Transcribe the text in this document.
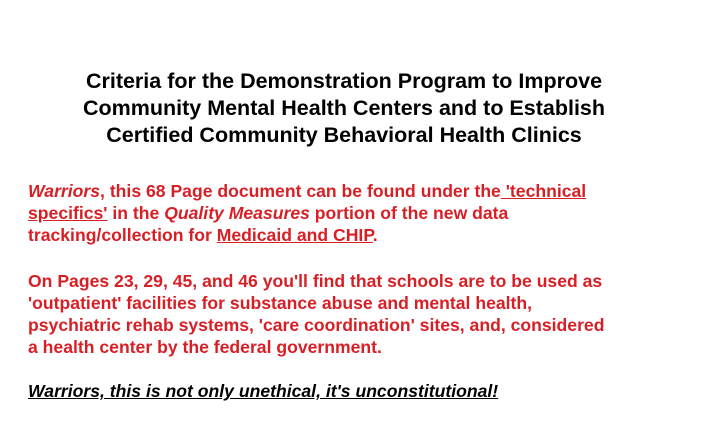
Criteria for the Demonstration Program to Improve
Community Mental Health Centers and to Establish
Certified Community Behavioral Health Clinics
Warriors, this 68 Page document can be found under the 'technical
specifics' in the Quality Measures portion of the new data
tracking/collection for Medicaid and CHIP.
On Pages 23, 29, 45, and 46 you'll find that schools are to be used as
'outpatient' facilities for substance abuse and mental health,
psychiatric rehab systems, 'care coordination' sites, and, considered
a health center by the federal government.
Warriors, this is not only unethical, it's unconstitutional!
